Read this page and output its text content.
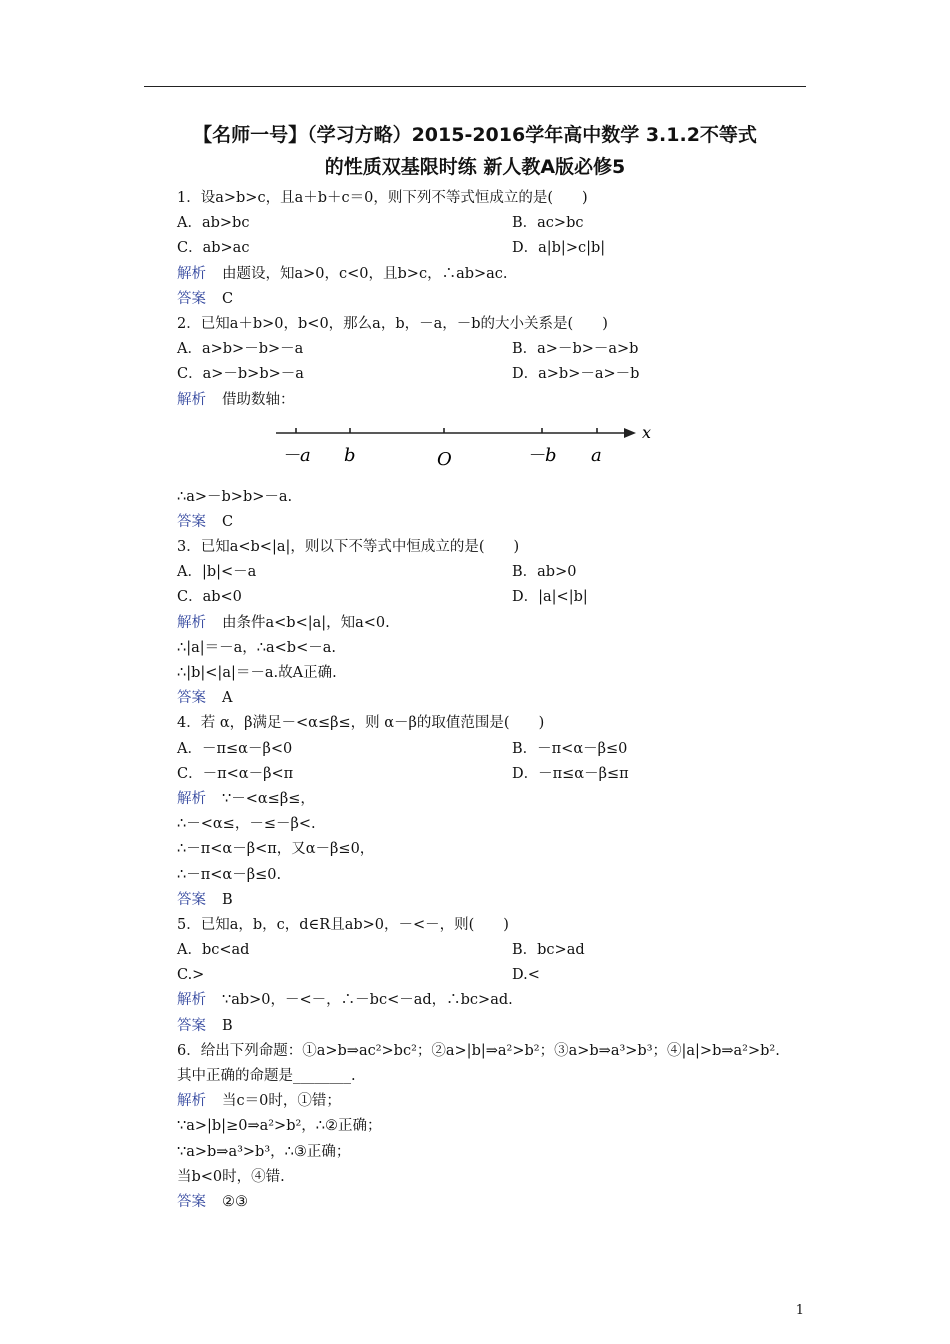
【名师一号】（学习方略）2015-2016学年高中数学 3.1.2不等式
的性质双基限时练 新人教A版必修5
1．设a>b>c，且a＋b＋c＝0，则下列不等式恒成立的是(　　)
A．ab>bc	B．ac>bc
C．ab>ac	D．a|b|>c|b|
解析 由题设，知a>0，c<0，且b>c，∴ab>ac.
答案 C
2．已知a＋b>0，b<0，那么a，b，－a，－b的大小关系是(　　)
A．a>b>－b>－a	B．a>－b>－a>b
C．a>－b>b>－a	D．a>b>－a>－b
解析 借助数轴：
x
－a b	O	－b a
∴a>－b>b>－a.
答案 C
3．已知a<b<|a|，则以下不等式中恒成立的是(　　)
A．|b|<－a	B．ab>0
C．ab<0	D．|a|<|b|
解析 由条件a<b<|a|，知a<0.
∴|a|＝－a，∴a<b<－a.
∴|b|<|a|＝－a.故A正确.
答案 A
4．若 α，β满足－<α≤β≤，则 α－β的取值范围是(　　)
A．－π≤α－β<0	B．－π<α－β≤0
C．－π<α－β<π	D．－π≤α－β≤π
解析 ∵－<α≤β≤，
∴－<α≤，－≤－β<.
∴－π<α－β<π，又α－β≤0，
∴－π<α－β≤0.
答案 B
5．已知a，b，c，d∈R且ab>0，－<－，则(　　)
A．bc<ad	B．bc>ad
C.>	D.<
解析 ∵ab>0，－<－，∴－bc<－ad，∴bc>ad.
答案 B
6．给出下列命题：①a>b⇒ac²>bc²；②a>|b|⇒a²>b²；③a>b⇒a³>b³；④|a|>b⇒a²>b².
其中正确的命题是________.
解析 当c＝0时，①错；
∵a>|b|≥0⇒a²>b²，∴②正确；
∵a>b⇒a³>b³，∴③正确；
当b<0时，④错.
答案 ②③
1
